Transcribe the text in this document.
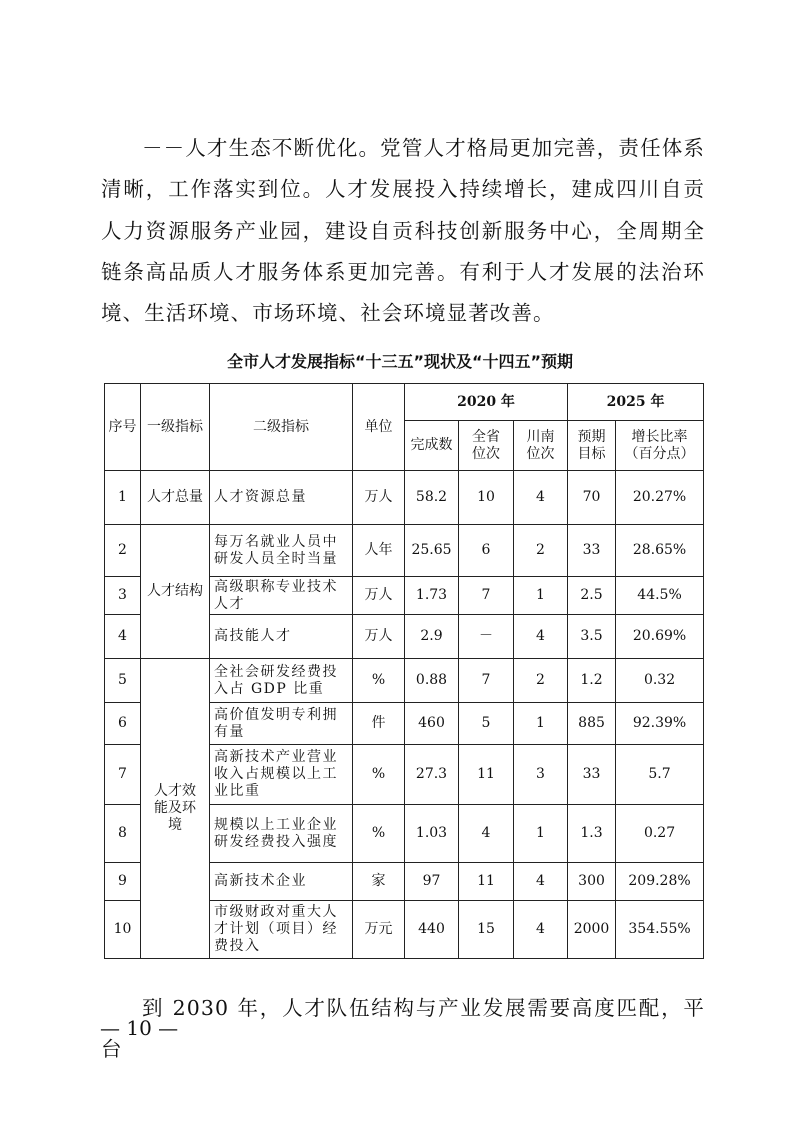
－－人才生态不断优化。党管人才格局更加完善，责任体系清晰，工作落实到位。人才发展投入持续增长，建成四川自贡人力资源服务产业园，建设自贡科技创新服务中心，全周期全链条高品质人才服务体系更加完善。有利于人才发展的法治环境、生活环境、市场环境、社会环境显著改善。

全市人才发展指标“十三五”现状及“十四五”预期
序号	一级指标	二级指标	单位	2020 年			2025 年	
				完成数	全省位次	川南位次	预期目标	增长比率（百分点）
1	人才总量	人才资源总量	万人	58.2	10	4	70	20.27%
2	人才结构	每万名就业人员中研发人员全时当量	人年	25.65	6	2	33	28.65%
3		高级职称专业技术人才	万人	1.73	7	1	2.5	44.5%
4		高技能人才	万人	2.9	－	4	3.5	20.69%
5	人才效能及环境	全社会研发经费投入占 GDP 比重	%	0.88	7	2	1.2	0.32
6		高价值发明专利拥有量	件	460	5	1	885	92.39%
7		高新技术产业营业收入占规模以上工业比重	%	27.3	11	3	33	5.7
8		规模以上工业企业研发经费投入强度	%	1.03	4	1	1.3	0.27
9		高新技术企业	家	97	11	4	300	209.28%
10		市级财政对重大人才计划（项目）经费投入	万元	440	15	4	2000	354.55%

到 2030 年，人才队伍结构与产业发展需要高度匹配，平台

— 10 —
